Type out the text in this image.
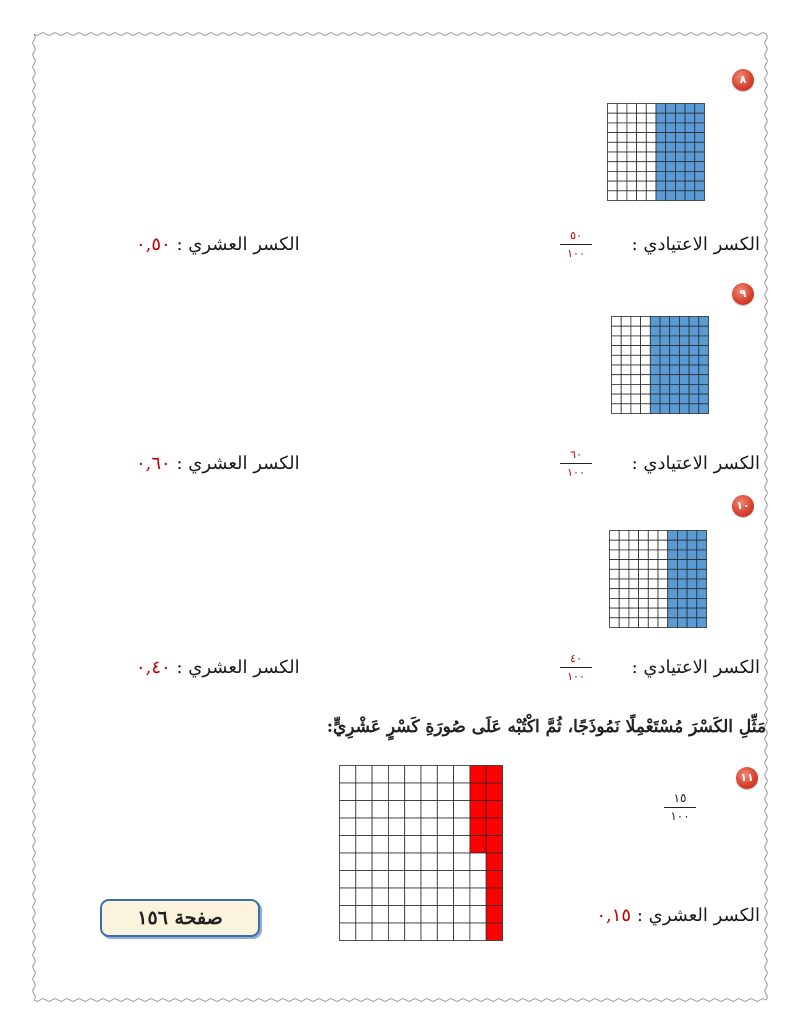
٨
الكسر الاعتيادي :
٥٠
١٠٠
الكسر العشري : ٠,٥٠
٩
الكسر الاعتيادي :
٦٠
١٠٠
الكسر العشري : ٠,٦٠
١٠
الكسر الاعتيادي :
٤٠
١٠٠
الكسر العشري : ٠,٤٠
مَثِّلِ الكَسْرَ مُسْتَعْمِلًا نَمُوذَجًا، ثُمَّ اكْتُبْه عَلَى صُورَةِ كَسْرٍ عَشْرِيٍّ:
١١
١٥
١٠٠
الكسر العشري : ٠,١٥
صفحة ١٥٦
